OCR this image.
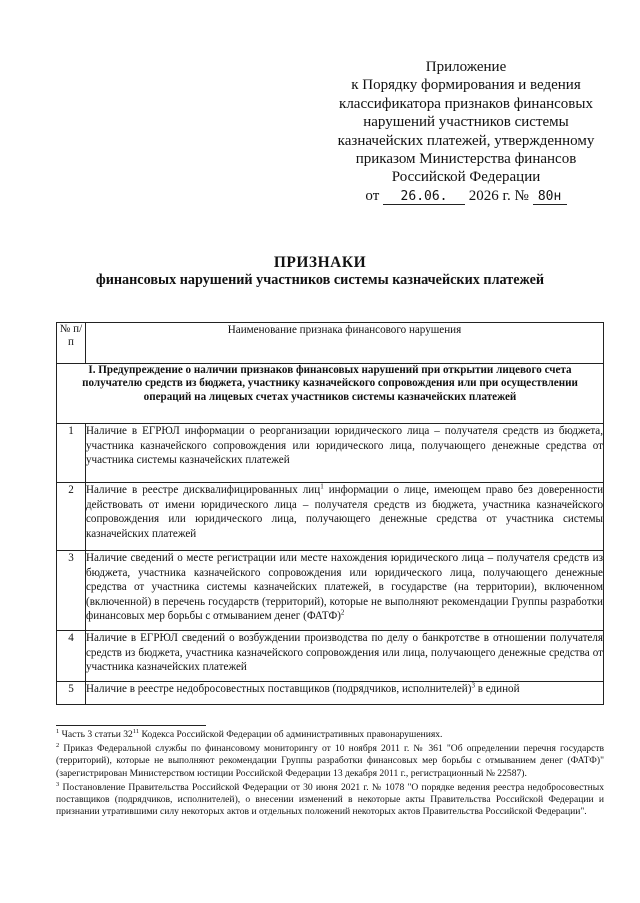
Приложение
к Порядку формирования и ведения
классификатора признаков финансовых
нарушений участников системы
казначейских платежей, утвержденному
приказом Министерства финансов
Российской Федерации
от 26.06. 2026 г. № 80н
ПРИЗНАКИ
финансовых нарушений участников системы казначейских платежей
№ п/п	Наименование признака финансового нарушения
I. Предупреждение о наличии признаков финансовых нарушений при открытии лицевого счета получателю средств из бюджета, участнику казначейского сопровождения или при осуществлении операций на лицевых счетах участников системы казначейских платежей	
1	Наличие в ЕГРЮЛ информации о реорганизации юридического лица – получателя средств из бюджета, участника казначейского сопровождения или юридического лица, получающего денежные средства от участника системы казначейских платежей
2	Наличие в реестре дисквалифицированных лиц$^1$ информации о лице, имеющем право без доверенности действовать от имени юридического лица – получателя средств из бюджета, участника казначейского сопровождения или юридического лица, получающего денежные средства от участника системы казначейских платежей
3	Наличие сведений о месте регистрации или месте нахождения юридического лица – получателя средств из бюджета, участника казначейского сопровождения или юридического лица, получающего денежные средства от участника системы казначейских платежей, в государстве (на территории), включенном (включенной) в перечень государств (территорий), которые не выполняют рекомендации Группы разработки финансовых мер борьбы с отмыванием денег (ФАТФ)$^2$
4	Наличие в ЕГРЮЛ сведений о возбуждении производства по делу о банкротстве в отношении получателя средств из бюджета, участника казначейского сопровождения или лица, получающего денежные средства от участника казначейских платежей
5	Наличие в реестре недобросовестных поставщиков (подрядчиков, исполнителей)$^3$ в единой

$^1$ Часть 3 статьи $32^{11}$ Кодекса Российской Федерации об административных правонарушениях.

$^2$ Приказ Федеральной службы по финансовому мониторингу от 10 ноября 2011 г. № 361 "Об определении перечня государств (территорий), которые не выполняют рекомендации Группы разработки финансовых мер борьбы с отмыванием денег (ФАТФ)" (зарегистрирован Министерством юстиции Российской Федерации 13 декабря 2011 г., регистрационный № 22587).

$^3$ Постановление Правительства Российской Федерации от 30 июня 2021 г. № 1078 "О порядке ведения реестра недобросовестных поставщиков (подрядчиков, исполнителей), о внесении изменений в некоторые акты Правительства Российской Федерации и признании утратившими силу некоторых актов и отдельных положений некоторых актов Правительства Российской Федерации".
